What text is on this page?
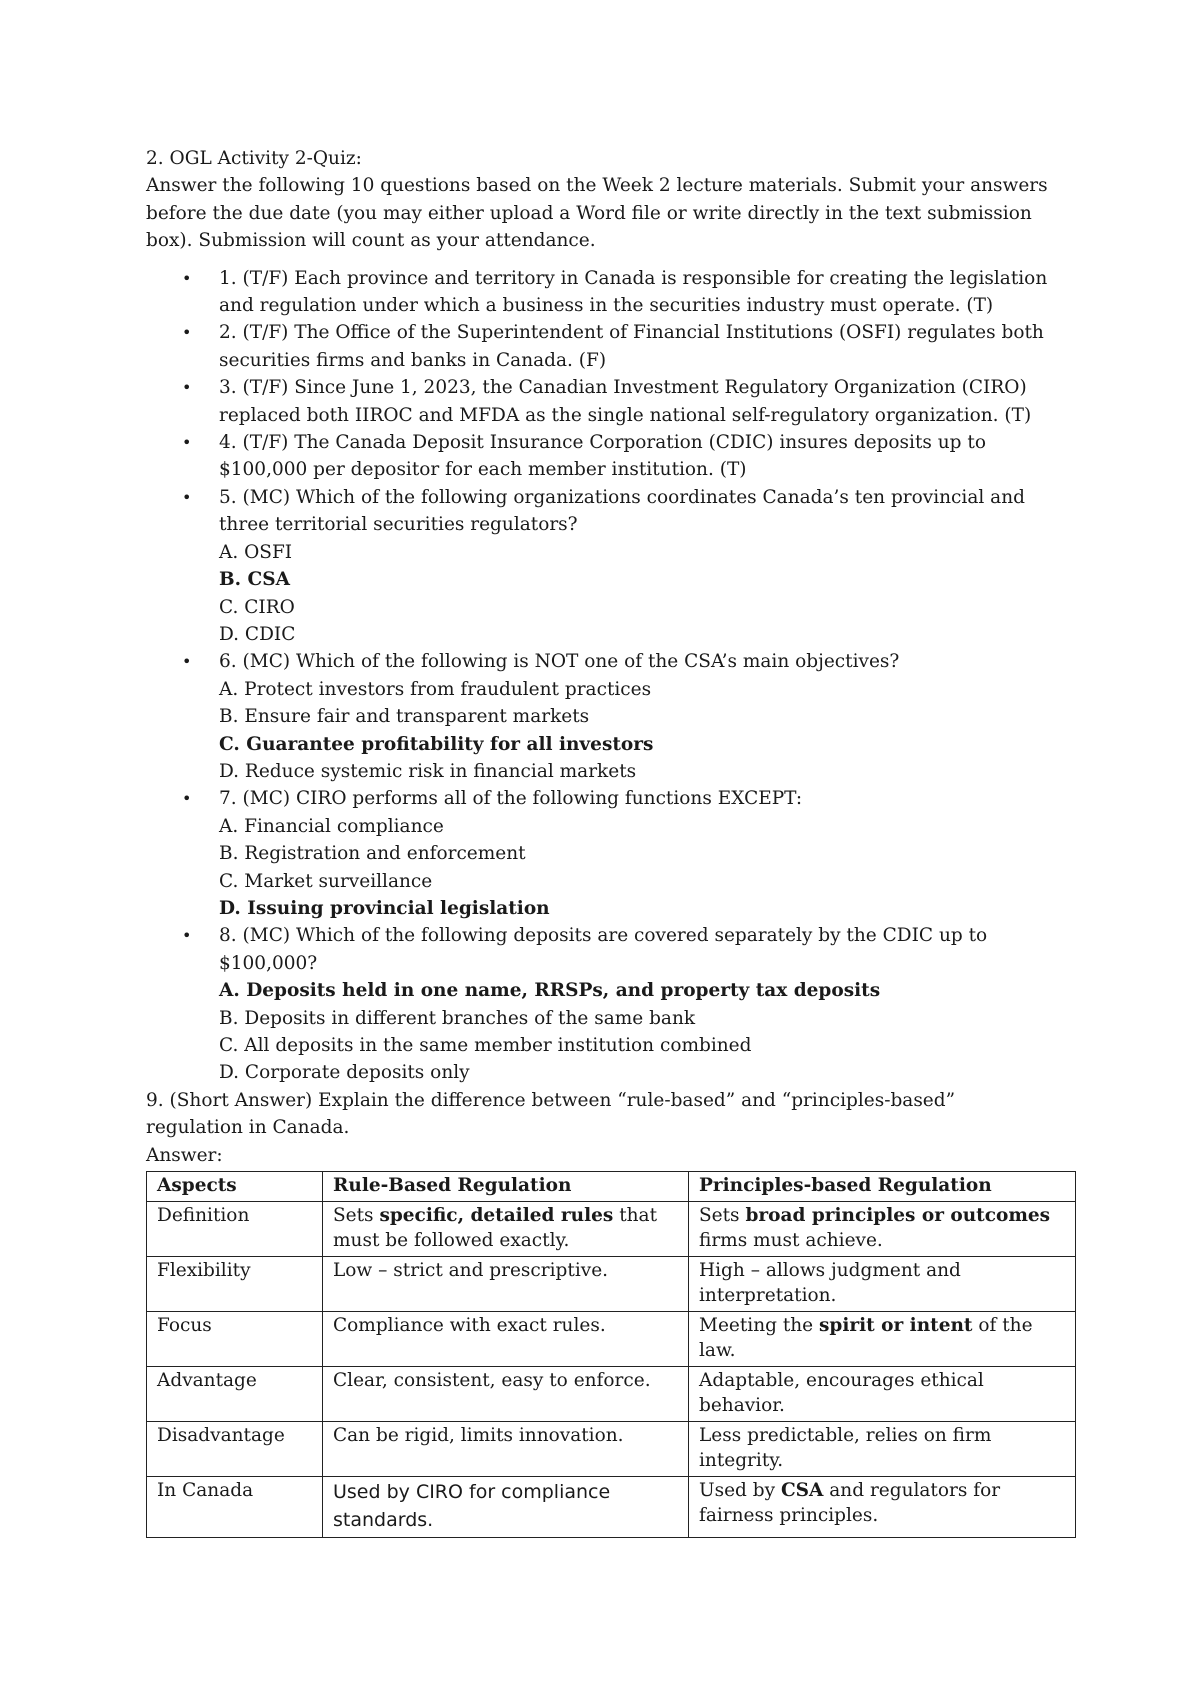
2. OGL Activity 2-Quiz:
Answer the following 10 questions based on the Week 2 lecture materials. Submit your answers
before the due date (you may either upload a Word file or write directly in the text submission
box). Submission will count as your attendance.
• 1. (T/F) Each province and territory in Canada is responsible for creating the legislation
and regulation under which a business in the securities industry must operate. (T)
• 2. (T/F) The Office of the Superintendent of Financial Institutions (OSFI) regulates both
securities firms and banks in Canada. (F)
• 3. (T/F) Since June 1, 2023, the Canadian Investment Regulatory Organization (CIRO)
replaced both IIROC and MFDA as the single national self-regulatory organization. (T)
• 4. (T/F) The Canada Deposit Insurance Corporation (CDIC) insures deposits up to
$100,000 per depositor for each member institution. (T)
• 5. (MC) Which of the following organizations coordinates Canada’s ten provincial and
three territorial securities regulators?
A. OSFI
B. CSA
C. CIRO
D. CDIC
• 6. (MC) Which of the following is NOT one of the CSA’s main objectives?
A. Protect investors from fraudulent practices
B. Ensure fair and transparent markets
C. Guarantee profitability for all investors
D. Reduce systemic risk in financial markets
• 7. (MC) CIRO performs all of the following functions EXCEPT:
A. Financial compliance
B. Registration and enforcement
C. Market surveillance
D. Issuing provincial legislation
• 8. (MC) Which of the following deposits are covered separately by the CDIC up to
$100,000?
A. Deposits held in one name, RRSPs, and property tax deposits
B. Deposits in different branches of the same bank
C. All deposits in the same member institution combined
D. Corporate deposits only
9. (Short Answer) Explain the difference between “rule-based” and “principles-based”
regulation in Canada.
Answer:
Aspects	Rule-Based Regulation	Principles-based Regulation
Definition	Sets specific, detailed rules that must be followed exactly.	Sets broad principles or outcomes firms must achieve.
Flexibility	Low – strict and prescriptive.	High – allows judgment and interpretation.
Focus	Compliance with exact rules.	Meeting the spirit or intent of the law.
Advantage	Clear, consistent, easy to enforce.	Adaptable, encourages ethical behavior.
Disadvantage	Can be rigid, limits innovation.	Less predictable, relies on firm integrity.
In Canada	Used by CIRO for compliance standards.	Used by CSA and regulators for fairness principles.
